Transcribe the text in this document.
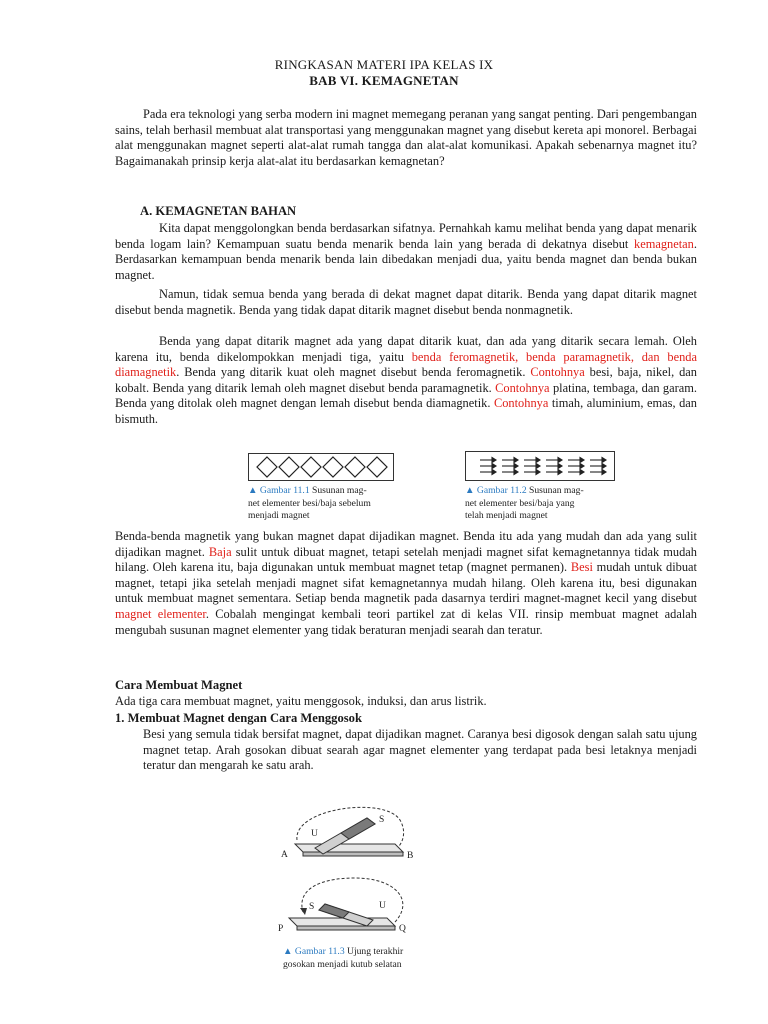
RINGKASAN MATERI IPA KELAS IX
BAB VI. KEMAGNETAN
Pada era teknologi yang serba modern ini magnet memegang peranan yang sangat penting. Dari pengembangan sains, telah berhasil membuat alat transportasi yang menggunakan magnet yang disebut kereta api monorel. Berbagai alat menggunakan magnet seperti alat-alat rumah tangga dan alat-alat komunikasi. Apakah sebenarnya magnet itu? Bagaimanakah prinsip kerja alat-alat itu berdasarkan kemagnetan?
A. KEMAGNETAN BAHAN
Kita dapat menggolongkan benda berdasarkan sifatnya. Pernahkah kamu melihat benda yang dapat menarik benda logam lain? Kemampuan suatu benda menarik benda lain yang berada di dekatnya disebut kemagnetan. Berdasarkan kemampuan benda menarik benda lain dibedakan menjadi dua, yaitu benda magnet dan benda bukan magnet.
Namun, tidak semua benda yang berada di dekat magnet dapat ditarik. Benda yang dapat ditarik magnet disebut benda magnetik. Benda yang tidak dapat ditarik magnet disebut benda nonmagnetik.
Benda yang dapat ditarik magnet ada yang dapat ditarik kuat, dan ada yang ditarik secara lemah. Oleh karena itu, benda dikelompokkan menjadi tiga, yaitu benda feromagnetik, benda paramagnetik, dan benda diamagnetik. Benda yang ditarik kuat oleh magnet disebut benda feromagnetik. Contohnya besi, baja, nikel, dan kobalt. Benda yang ditarik lemah oleh magnet disebut benda paramagnetik. Contohnya platina, tembaga, dan garam. Benda yang ditolak oleh magnet dengan lemah disebut benda diamagnetik. Contohnya timah, aluminium, emas, dan bismuth.
▲ Gambar 11.1 Susunan mag-
net elementer besi/baja sebelum
menjadi magnet
▲ Gambar 11.2 Susunan mag-
net elementer besi/baja yang
telah menjadi magnet
Benda-benda magnetik yang bukan magnet dapat dijadikan magnet. Benda itu ada yang mudah dan ada yang sulit dijadikan magnet. Baja sulit untuk dibuat magnet, tetapi setelah menjadi magnet sifat kemagnetannya tidak mudah hilang. Oleh karena itu, baja digunakan untuk membuat magnet tetap (magnet permanen). Besi mudah untuk dibuat magnet, tetapi jika setelah menjadi magnet sifat kemagnetannya mudah hilang. Oleh karena itu, besi digunakan untuk membuat magnet sementara. Setiap benda magnetik pada dasarnya terdiri magnet-magnet kecil yang disebut magnet elementer. Cobalah mengingat kembali teori partikel zat di kelas VII. rinsip membuat magnet adalah mengubah susunan magnet elementer yang tidak beraturan menjadi searah dan teratur.
Cara Membuat Magnet
Ada tiga cara membuat magnet, yaitu menggosok, induksi, dan arus listrik.
1. Membuat Magnet dengan Cara Menggosok
Besi yang semula tidak bersifat magnet, dapat dijadikan magnet. Caranya besi digosok dengan salah satu ujung magnet tetap. Arah gosokan dibuat searah agar magnet elementer yang terdapat pada besi letaknya menjadi teratur dan mengarah ke satu arah.
U
S
A	B
S	U
P	Q
▲ Gambar 11.3 Ujung terakhir
gosokan menjadi kutub selatan
